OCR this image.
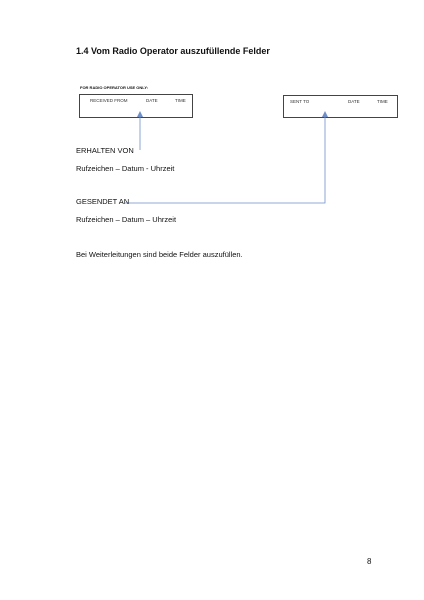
1.4 Vom Radio Operator auszufüllende Felder
FOR RADIO OPERATOR USE ONLY:
RECEIVED FROM	DATE	TIME	SENT TO	DATE	TIME
ERHALTEN VON
Rufzeichen – Datum - Uhrzeit
GESENDET AN
Rufzeichen – Datum – Uhrzeit
Bei Weiterleitungen sind beide Felder auszufüllen.
8
